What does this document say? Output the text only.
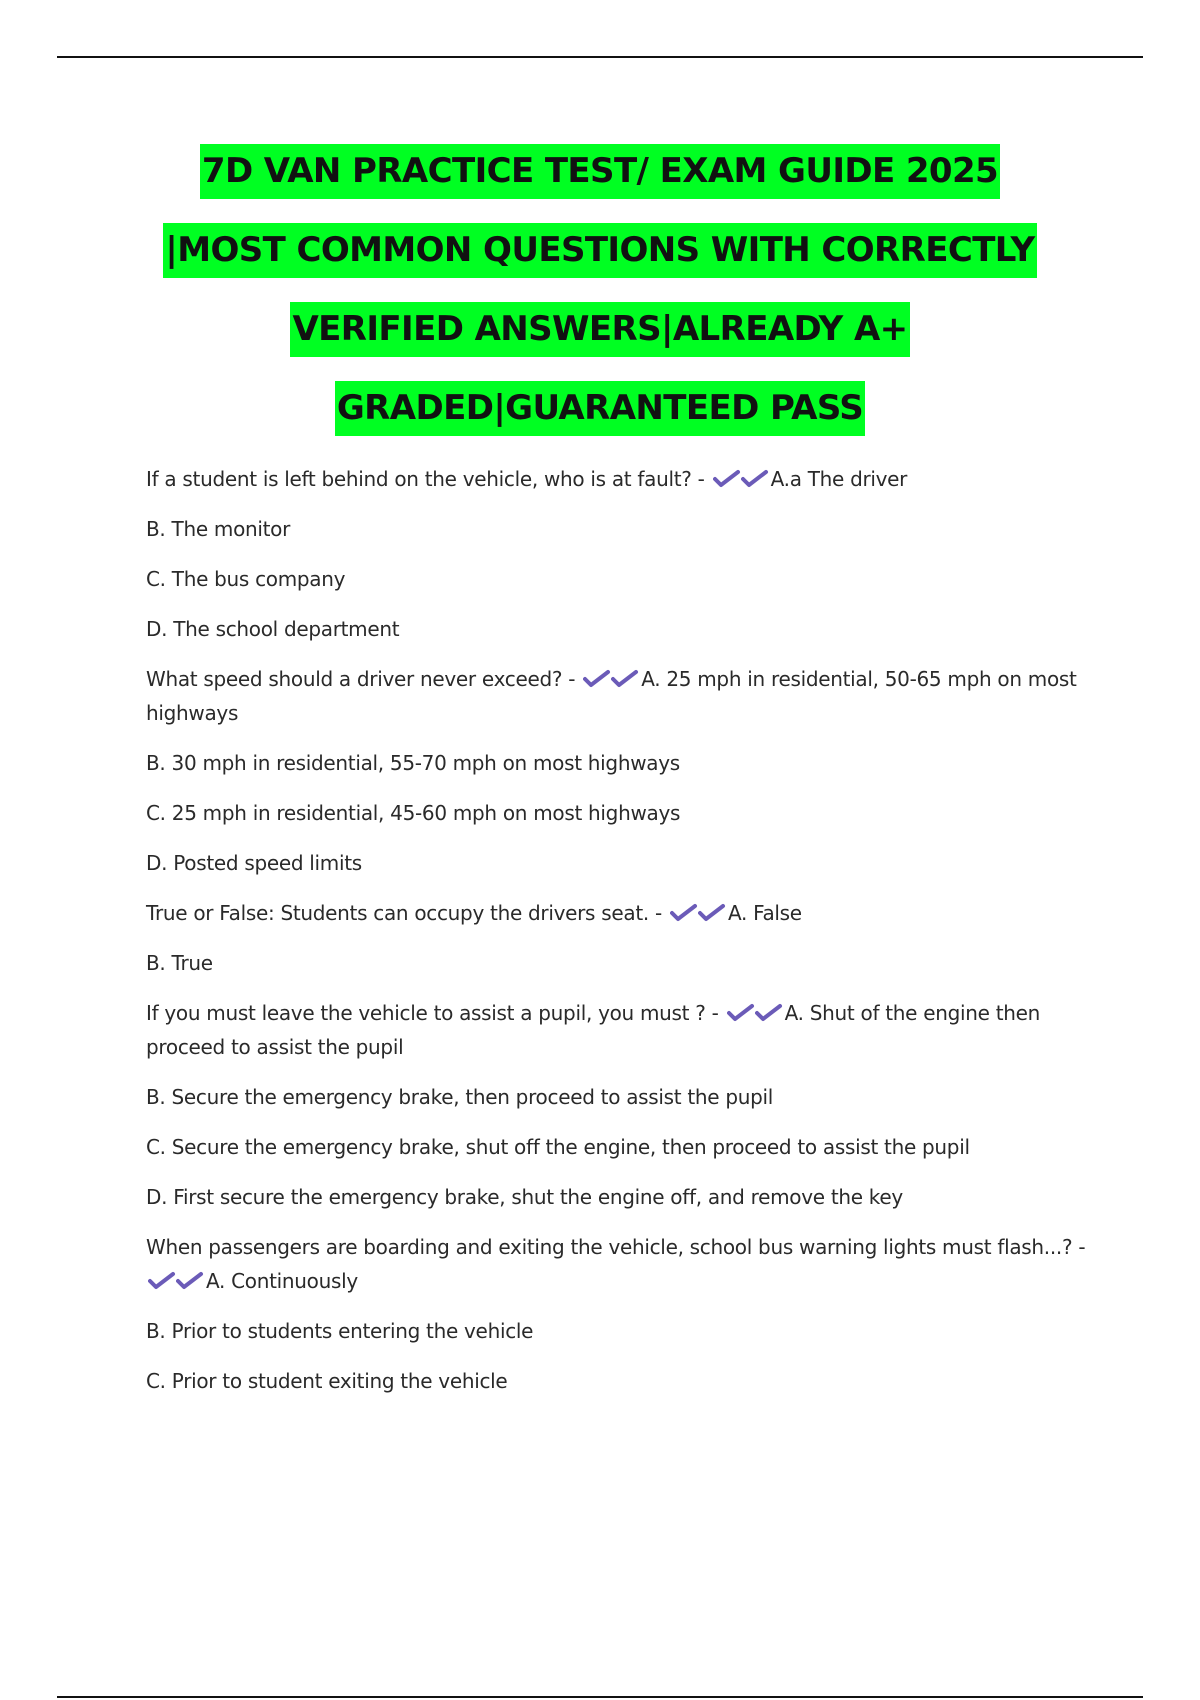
7D VAN PRACTICE TEST/ EXAM GUIDE 2025
|MOST COMMON QUESTIONS WITH CORRECTLY
VERIFIED ANSWERS|ALREADY A+
GRADED|GUARANTEED PASS

If a student is left behind on the vehicle, who is at fault? -	A.a The driver

B. The monitor

C. The bus company

D. The school department

What speed should a driver never exceed? -	A. 25 mph in residential, 50-65 mph on most highways

B. 30 mph in residential, 55-70 mph on most highways

C. 25 mph in residential, 45-60 mph on most highways

D. Posted speed limits

True or False: Students can occupy the drivers seat. -	A. False

B. True

If you must leave the vehicle to assist a pupil, you must ? -	A. Shut of the engine then proceed to assist the pupil

B. Secure the emergency brake, then proceed to assist the pupil

C. Secure the emergency brake, shut off the engine, then proceed to assist the pupil

D. First secure the emergency brake, shut the engine off, and remove the key

When passengers are boarding and exiting the vehicle, school bus warning lights must flash...? - A. Continuously

B. Prior to students entering the vehicle

C. Prior to student exiting the vehicle
